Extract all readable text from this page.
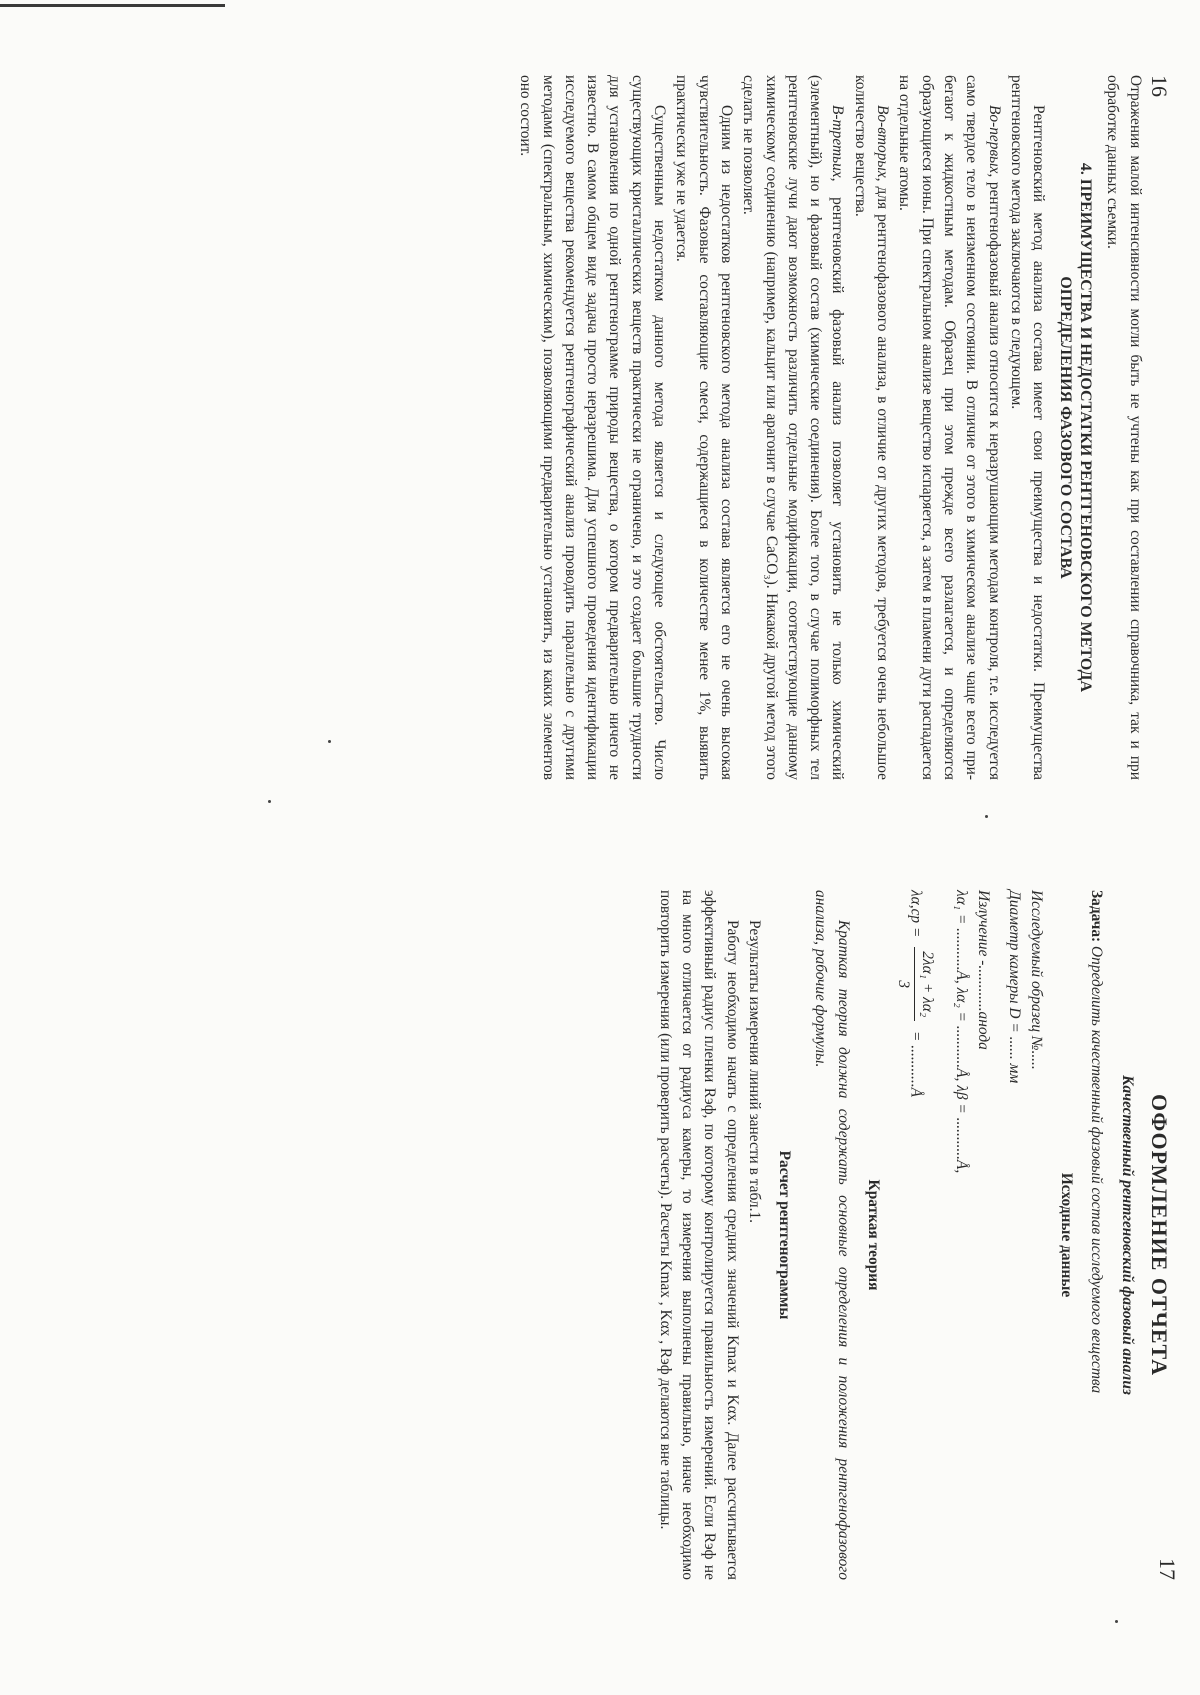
16

Отражения малой интенсивности могли быть не учтены как при составлении справочника, так и при обработке данных съемки.

4. ПРЕИМУЩЕСТВА И НЕДОСТАТКИ РЕНТГЕНОВСКОГО МЕТОДА ОПРЕДЕЛЕНИЯ ФАЗОВОГО СОСТАВА

Рентгеновский метод анализа состава имеет свои преимущества и недостатки. Преимущества рентгеновского метода заключаются в следующем.

Во-первых, рентгенофазовый анализ относится к неразрушающим методам контроля, т.е. исследуется само твердое тело в неизменном состоянии. В отличие от этого в химическом анализе чаще всего прибегают к жидкостным методам. Образец при этом прежде всего разлагается, и определяются образующиеся ионы. При спектральном анализе вещество испаряется, а затем в пламени дуги распадается на отдельные атомы.

Во-вторых, для рентгенофазового анализа, в отличие от других методов, требуется очень небольшое количество вещества.

В-третьих, рентгеновский фазовый анализ позволяет установить не только химический (элементный), но и фазовый состав (химические соединения). Более того, в случае полиморфных тел рентгеновские лучи дают возможность различить отдельные модификации, соответствующие данному химическому соединению (например, кальцит или арагонит в случае CaCO₃). Никакой другой метод этого сделать не позволяет.

Одним из недостатков рентгеновского метода анализа состава является его не очень высокая чувствительность. Фазовые составляющие смеси, содержащиеся в количестве менее 1%, выявить практически уже не удается.

Существенным недостатком данного метода является и следующее обстоятельство. Число существующих кристаллических веществ практически не ограничено, и это создает большие трудности для установления по одной рентгенограмме природы вещества, о котором предварительно ничего не известно. В самом общем виде задача просто неразрешима. Для успешного проведения идентификации исследуемого вещества рекомендуется рентгенографический анализ проводить параллельно с другими методами (спектральным, химическим), позволяющими предварительно установить, из каких элементов оно состоит.

17
ОФОРМЛЕНИЕ ОТЧЕТА
Качественный рентгеновский фазовый анализ

Задача: Определить качественный фазовый состав исследуемого вещества

Исходные данные

Исследуемый образец №.....

Диаметр камеры D = ...... мм

Излучение -............анода

λα₁ = ...........Å, λα₂ = ...........Å, λβ = ...........Å,

λα,ср =
2λα₁ + λα₂
3
= ...........Å
Краткая теория

Краткая теория должна содержать основные определения и положения рентгенофазового анализа, рабочие формулы.

Расчет рентгенограммы

Результаты измерения линий занести в табл.1.

Работу необходимо начать с определения средних значений Kmax и Kαx. Далее рассчитывается эффективный радиус пленки Rэф, по которому контролируется правильность измерений. Если Rэф не на много отличается от радиуса камеры, то измерения выполнены правильно, иначе необходимо повторить измерения (или проверить расчеты). Расчеты Kmax , Kαx , Rэф делаются вне таблицы.
